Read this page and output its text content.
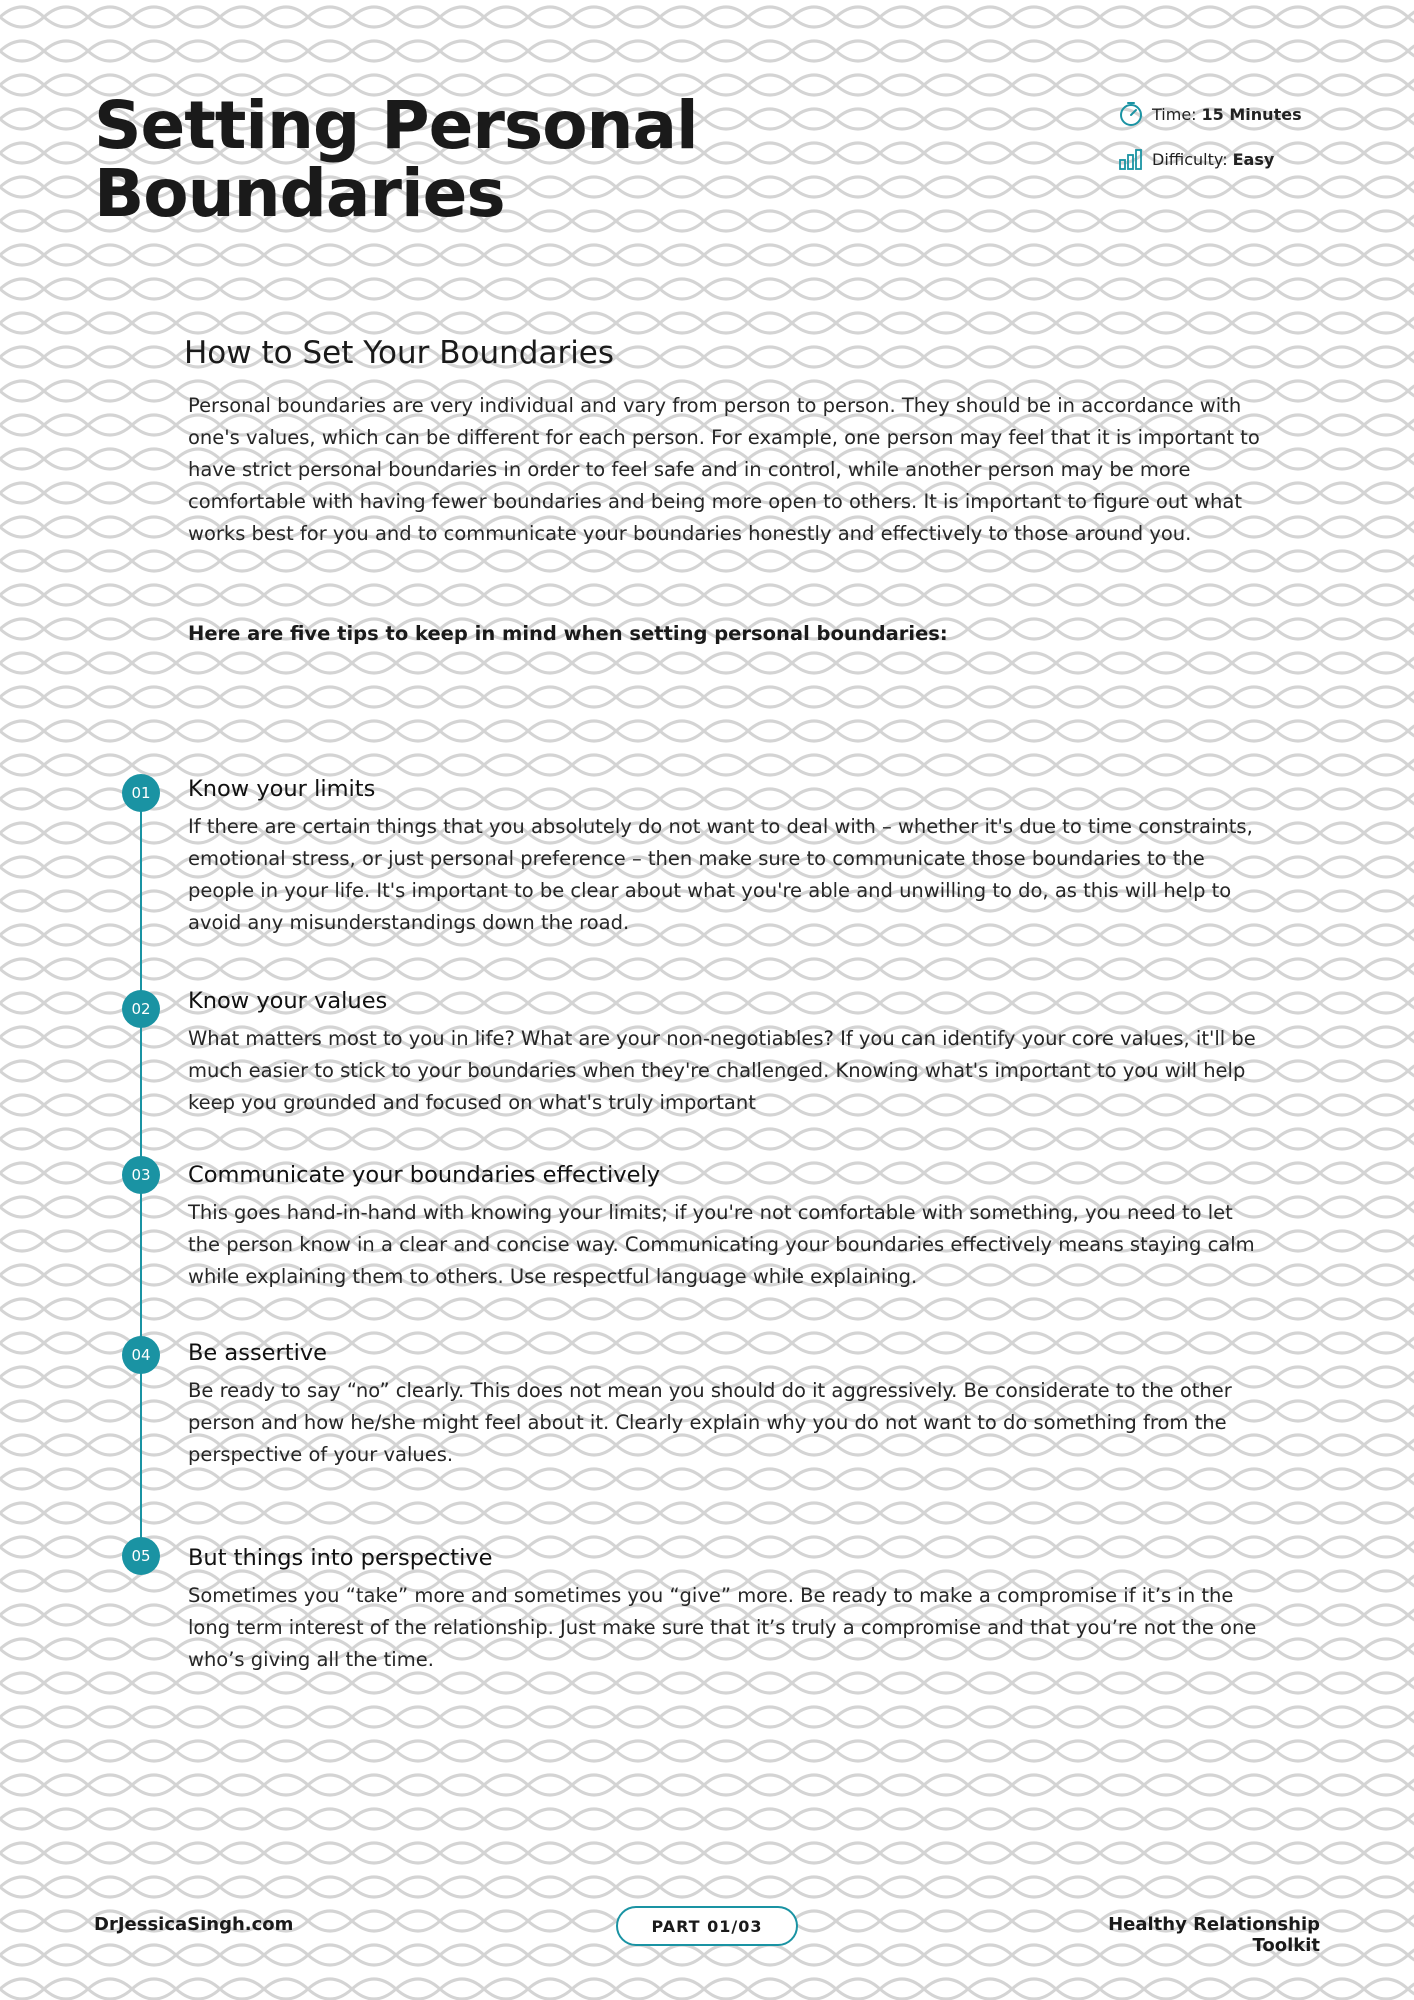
Setting Personal
Boundaries
Time: 15 Minutes
Difficulty: Easy
How to Set Your Boundaries

Personal boundaries are very individual and vary from person to person. They should be in accordance with one's values, which can be different for each person. For example, one person may feel that it is important to have strict personal boundaries in order to feel safe and in control, while another person may be more comfortable with having fewer boundaries and being more open to others. It is important to figure out what works best for you and to communicate your boundaries honestly and effectively to those around you.

Here are five tips to keep in mind when setting personal boundaries:

01	Know your limits

If there are certain things that you absolutely do not want to deal with – whether it's due to time constraints, emotional stress, or just personal preference – then make sure to communicate those boundaries to the people in your life. It's important to be clear about what you're able and unwilling to do, as this will help to avoid any misunderstandings down the road.

02	Know your values

What matters most to you in life? What are your non-negotiables? If you can identify your core values, it'll be much easier to stick to your boundaries when they're challenged. Knowing what's important to you will help keep you grounded and focused on what's truly important

03	Communicate your boundaries effectively

This goes hand-in-hand with knowing your limits; if you're not comfortable with something, you need to let the person know in a clear and concise way. Communicating your boundaries effectively means staying calm while explaining them to others. Use respectful language while explaining.

04	Be assertive

Be ready to say “no” clearly. This does not mean you should do it aggressively. Be considerate to the other person and how he/she might feel about it. Clearly explain why you do not want to do something from the perspective of your values.

05	But things into perspective

Sometimes you “take” more and sometimes you “give” more. Be ready to make a compromise if it’s in the long term interest of the relationship. Just make sure that it’s truly a compromise and that you’re not the one who’s giving all the time.

DrJessicaSingh.com	PART 01/03	Healthy Relationship Toolkit
